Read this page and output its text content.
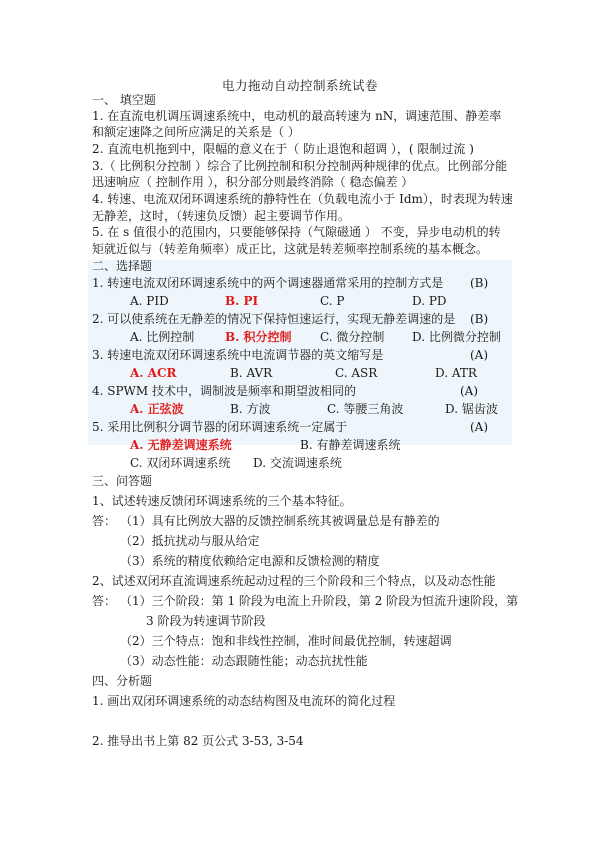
电力拖动自动控制系统试卷
一、 填空题
1. 在直流电机调压调速系统中，电动机的最高转速为 nN，调速范围、静差率
和额定速降之间所应满足的关系是（ ）
2. 直流电机拖到中，限幅的意义在于（ 防止退饱和超调 ），( 限制过流 )
3.（ 比例积分控制 ）综合了比例控制和积分控制两种规律的优点。比例部分能
迅速响应（ 控制作用 ），积分部分则最终消除（ 稳态偏差 ）
4. 转速、电流双闭环调速系统的静特性在（负载电流小于 Idm），时表现为转速
无静差，这时，（转速负反馈）起主要调节作用。
5. 在 s 值很小的范围内，只要能够保持（气隙磁通 ） 不变，异步电动机的转
矩就近似与（转差角频率）成正比，这就是转差频率控制系统的基本概念。
二、选择题
1. 转速电流双闭环调速系统中的两个调速器通常采用的控制方式是 (B)
A. PID	B. PI	C. P	D. PD
2. 可以使系统在无静差的情况下保持恒速运行，实现无静差调速的是 (B)
A. 比例控制	B. 积分控制 C. 微分控制 D. 比例微分控制
3. 转速电流双闭环调速系统中电流调节器的英文缩写是	(A)
A. ACR	B. AVR	C. ASR	D. ATR
4. SPWM 技术中，调制波是频率和期望波相同的	(A)
A. 正弦波	B. 方波	C. 等腰三角波	D. 锯齿波
5. 采用比例积分调节器的闭环调速系统一定属于	(A)
A. 无静差调速系统	B. 有静差调速系统
C. 双闭环调速系统 D. 交流调速系统
三、问答题
1、试述转速反馈闭环调速系统的三个基本特征。
答： （1）具有比例放大器的反馈控制系统其被调量总是有静差的
（2）抵抗扰动与服从给定
（3）系统的精度依赖给定电源和反馈检测的精度
2、试述双闭环直流调速系统起动过程的三个阶段和三个特点，以及动态性能
答： （1）三个阶段：第 1 阶段为电流上升阶段，第 2 阶段为恒流升速阶段，第
3 阶段为转速调节阶段
（2）三个特点：饱和非线性控制，准时间最优控制，转速超调
（3）动态性能：动态跟随性能；动态抗扰性能
四、分析题
1. 画出双闭环调速系统的动态结构图及电流环的简化过程
2. 推导出书上第 82 页公式 3-53, 3-54
